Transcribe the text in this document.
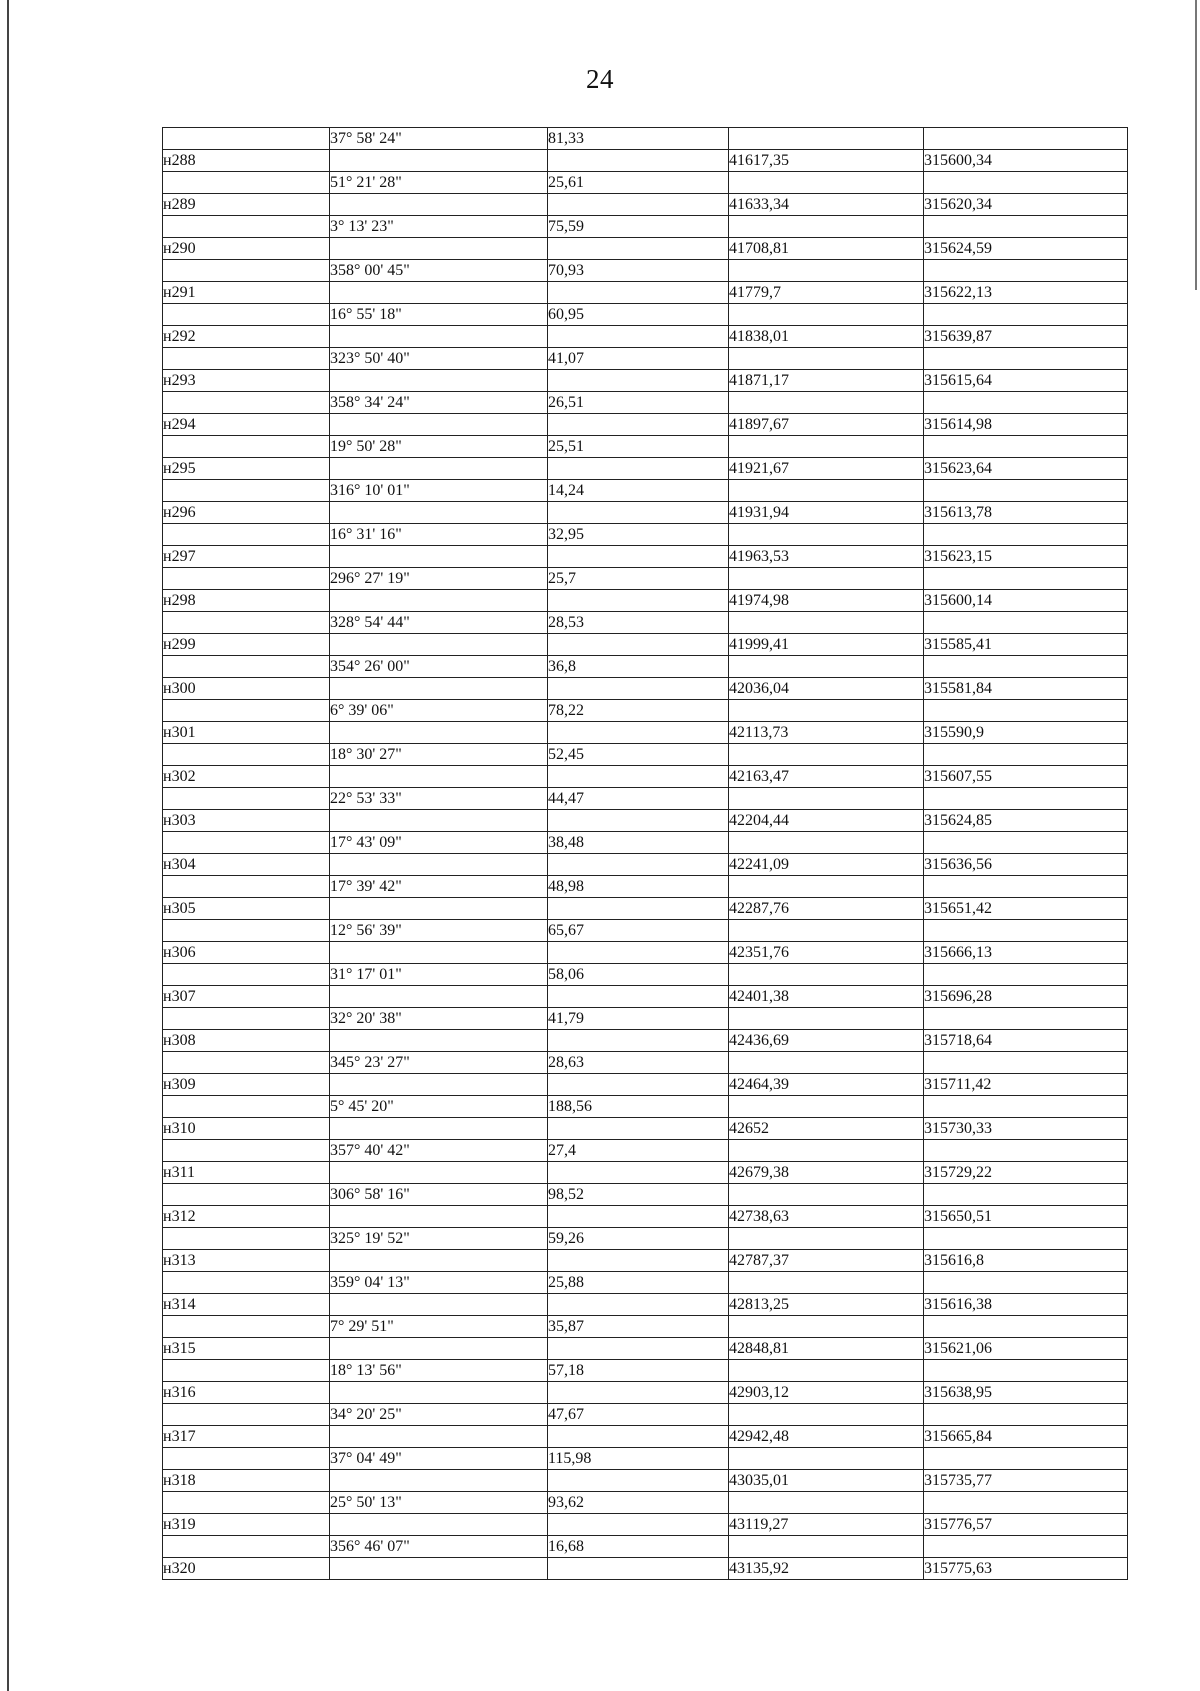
24
	37° 58' 24"	81,33		
н288			41617,35	315600,34
	51° 21' 28"	25,61		
н289			41633,34	315620,34
	3° 13' 23"	75,59		
н290			41708,81	315624,59
	358° 00' 45"	70,93		
н291			41779,7	315622,13
	16° 55' 18"	60,95		
н292			41838,01	315639,87
	323° 50' 40"	41,07		
н293			41871,17	315615,64
	358° 34' 24"	26,51		
н294			41897,67	315614,98
	19° 50' 28"	25,51		
н295			41921,67	315623,64
	316° 10' 01"	14,24		
н296			41931,94	315613,78
	16° 31' 16"	32,95		
н297			41963,53	315623,15
	296° 27' 19"	25,7		
н298			41974,98	315600,14
	328° 54' 44"	28,53		
н299			41999,41	315585,41
	354° 26' 00"	36,8		
н300			42036,04	315581,84
	6° 39' 06"	78,22		
н301			42113,73	315590,9
	18° 30' 27"	52,45		
н302			42163,47	315607,55
	22° 53' 33"	44,47		
н303			42204,44	315624,85
	17° 43' 09"	38,48		
н304			42241,09	315636,56
	17° 39' 42"	48,98		
н305			42287,76	315651,42
	12° 56' 39"	65,67		
н306			42351,76	315666,13
	31° 17' 01"	58,06		
н307			42401,38	315696,28
	32° 20' 38"	41,79		
н308			42436,69	315718,64
	345° 23' 27"	28,63		
н309			42464,39	315711,42
	5° 45' 20"	188,56		
н310			42652	315730,33
	357° 40' 42"	27,4		
н311			42679,38	315729,22
	306° 58' 16"	98,52		
н312			42738,63	315650,51
	325° 19' 52"	59,26		
н313			42787,37	315616,8
	359° 04' 13"	25,88		
н314			42813,25	315616,38
	7° 29' 51"	35,87		
н315			42848,81	315621,06
	18° 13' 56"	57,18		
н316			42903,12	315638,95
	34° 20' 25"	47,67		
н317			42942,48	315665,84
	37° 04' 49"	115,98		
н318			43035,01	315735,77
	25° 50' 13"	93,62		
н319			43119,27	315776,57
	356° 46' 07"	16,68		
н320			43135,92	315775,63
